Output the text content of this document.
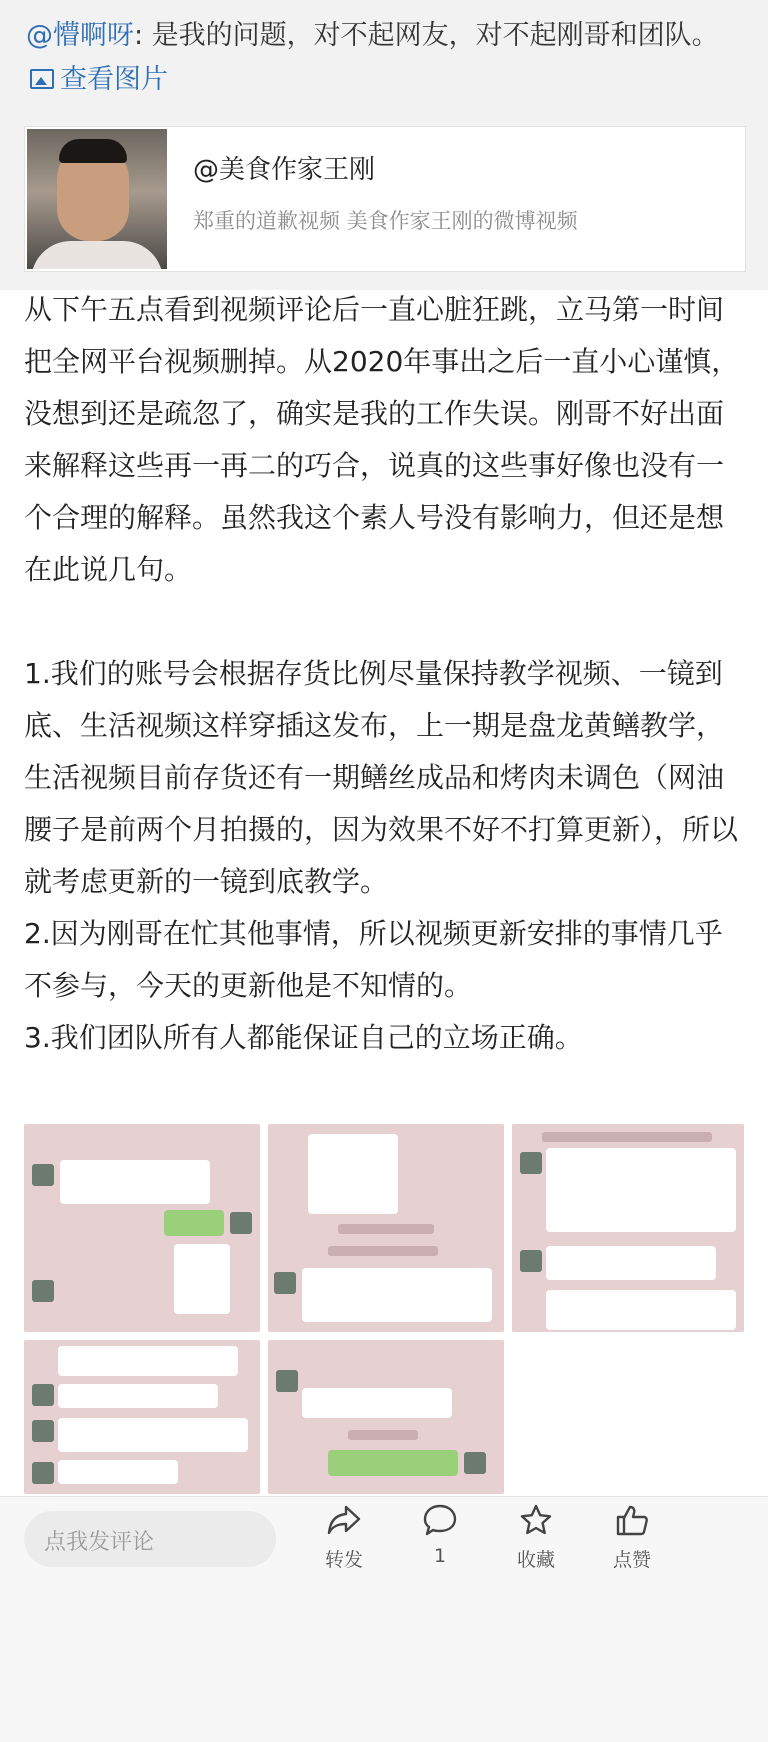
@懵啊呀: 是我的问题，对不起网友，对不起刚哥和团队。 查看图片
@美食作家王刚
郑重的道歉视频 美食作家王刚的微博视频

从下午五点看到视频评论后一直心脏狂跳，立马第一时间把全网平台视频删掉。从2020年事出之后一直小心谨慎，没想到还是疏忽了，确实是我的工作失误。刚哥不好出面来解释这些再一再二的巧合，说真的这些事好像也没有一个合理的解释。虽然我这个素人号没有影响力，但还是想在此说几句。

1.我们的账号会根据存货比例尽量保持教学视频、一镜到底、生活视频这样穿插这发布，上一期是盘龙黄鳝教学，生活视频目前存货还有一期鳝丝成品和烤肉未调色（网油腰子是前两个月拍摄的，因为效果不好不打算更新），所以就考虑更新的一镜到底教学。

2.因为刚哥在忙其他事情，所以视频更新安排的事情几乎不参与，今天的更新他是不知情的。

3.我们团队所有人都能保证自己的立场正确。

点我发评论
转发	1	收藏	点赞
